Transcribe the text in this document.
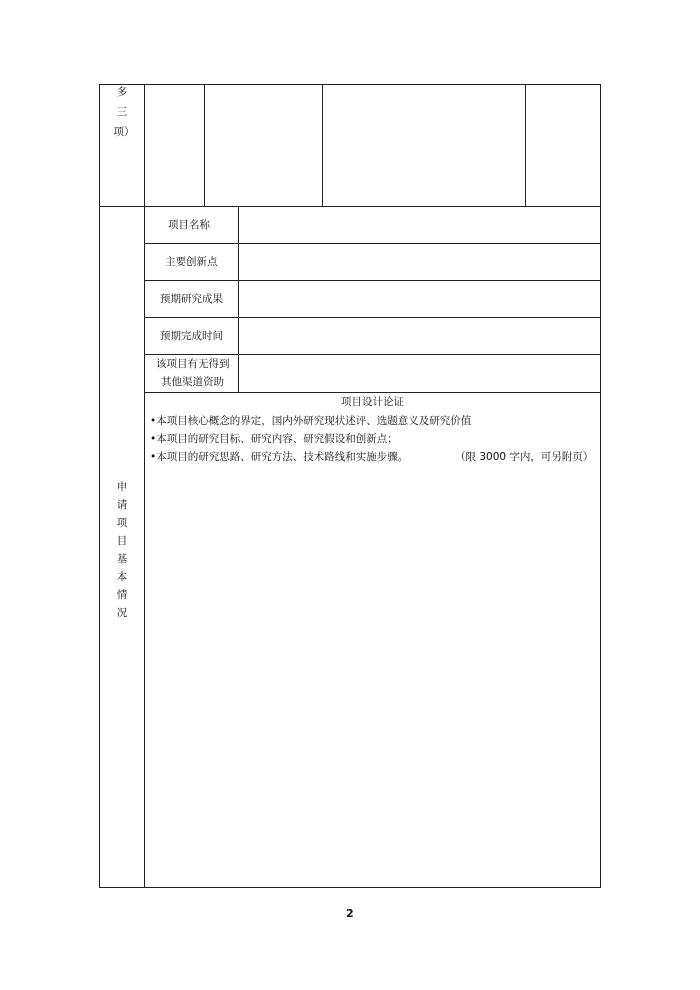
多
三
项）
申
请
项
目
基
本
情
况
项目名称
主要创新点
预期研究成果
预期完成时间
该项目有无得到
其他渠道资助
项目设计论证
•本项目核心概念的界定，国内外研究现状述评、选题意义及研究价值
•本项目的研究目标、研究内容、研究假设和创新点；
•本项目的研究思路、研究方法、技术路线和实施步骤。	（限 3000 字内，可另附页）
2
